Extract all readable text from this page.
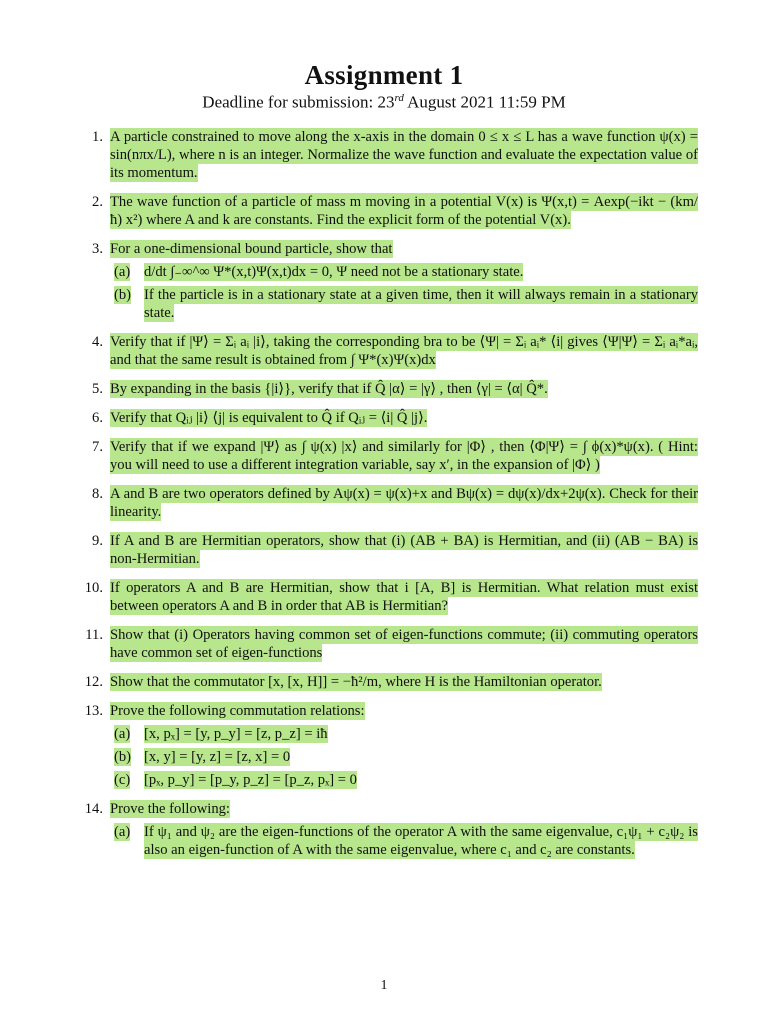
Assignment 1
Deadline for submission: 23rd August 2021 11:59 PM
1. A particle constrained to move along the x-axis in the domain 0 ≤ x ≤ L has a wave function ψ(x) = sin(nπx/L), where n is an integer. Normalize the wave function and evaluate the expectation value of its momentum.
2. The wave function of a particle of mass m moving in a potential V(x) is Ψ(x,t) = Aexp(−ikt − (km/ħ) x²) where A and k are constants. Find the explicit form of the potential V(x).
3. For a one-dimensional bound particle, show that
(a) d/dt ∫₋∞^∞ Ψ*(x,t)Ψ(x,t)dx = 0, Ψ need not be a stationary state.
(b) If the particle is in a stationary state at a given time, then it will always remain in a stationary state.
4. Verify that if |Ψ⟩ = Σᵢ aᵢ |i⟩, taking the corresponding bra to be ⟨Ψ| = Σᵢ aᵢ* ⟨i| gives ⟨Ψ|Ψ⟩ = Σᵢ aᵢ*aᵢ, and that the same result is obtained from ∫ Ψ*(x)Ψ(x)dx
5. By expanding in the basis {|i⟩}, verify that if Q̂ |α⟩ = |γ⟩ , then ⟨γ| = ⟨α| Q̂*.
6. Verify that Qᵢⱼ |i⟩ ⟨j| is equivalent to Q̂ if Qᵢⱼ = ⟨i| Q̂ |j⟩.
7. Verify that if we expand |Ψ⟩ as ∫ ψ(x) |x⟩ and similarly for |Φ⟩ , then ⟨Φ|Ψ⟩ = ∫ ϕ(x)*ψ(x). ( Hint: you will need to use a different integration variable, say x′, in the expansion of |Φ⟩ )
8. A and B are two operators defined by Aψ(x) = ψ(x)+x and Bψ(x) = dψ(x)/dx+2ψ(x). Check for their linearity.
9. If A and B are Hermitian operators, show that (i) (AB + BA) is Hermitian, and (ii) (AB − BA) is non-Hermitian.
10. If operators A and B are Hermitian, show that i [A, B] is Hermitian. What relation must exist between operators A and B in order that AB is Hermitian?
11. Show that (i) Operators having common set of eigen-functions commute; (ii) commuting operators have common set of eigen-functions
12. Show that the commutator [x, [x, H]] = −ħ²/m, where H is the Hamiltonian operator.
13. Prove the following commutation relations:
(a) [x, pₓ] = [y, p_y] = [z, p_z] = iħ
(b) [x, y] = [y, z] = [z, x] = 0
(c) [pₓ, p_y] = [p_y, p_z] = [p_z, pₓ] = 0
14. Prove the following:
(a) If ψ₁ and ψ₂ are the eigen-functions of the operator A with the same eigenvalue, c₁ψ₁ + c₂ψ₂ is also an eigen-function of A with the same eigenvalue, where c₁ and c₂ are constants.
1
